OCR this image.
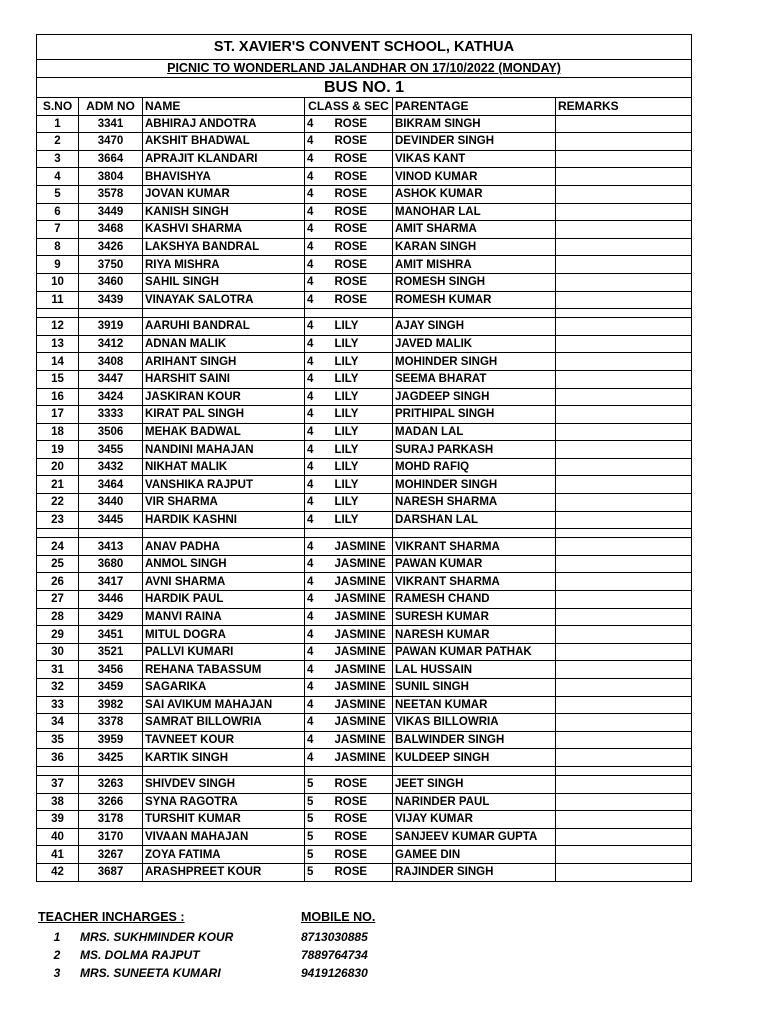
ST. XAVIER'S CONVENT SCHOOL, KATHUA						
PICNIC TO WONDERLAND JALANDHAR ON 17/10/2022 (MONDAY)						
BUS NO. 1						
S.NO	ADM NO	NAME	CLASS & SEC		PARENTAGE	REMARKS
1	3341	ABHIRAJ ANDOTRA	4	ROSE	BIKRAM SINGH	
2	3470	AKSHIT BHADWAL	4	ROSE	DEVINDER SINGH	
3	3664	APRAJIT KLANDARI	4	ROSE	VIKAS KANT	
4	3804	BHAVISHYA	4	ROSE	VINOD KUMAR	
5	3578	JOVAN KUMAR	4	ROSE	ASHOK KUMAR	
6	3449	KANISH SINGH	4	ROSE	MANOHAR LAL	
7	3468	KASHVI SHARMA	4	ROSE	AMIT SHARMA	
8	3426	LAKSHYA BANDRAL	4	ROSE	KARAN SINGH	
9	3750	RIYA MISHRA	4	ROSE	AMIT MISHRA	
10	3460	SAHIL SINGH	4	ROSE	ROMESH SINGH	
11	3439	VINAYAK SALOTRA	4	ROSE	ROMESH KUMAR	

12	3919	AARUHI BANDRAL	4	LILY	AJAY SINGH	
13	3412	ADNAN MALIK	4	LILY	JAVED MALIK	
14	3408	ARIHANT SINGH	4	LILY	MOHINDER SINGH	
15	3447	HARSHIT SAINI	4	LILY	SEEMA BHARAT	
16	3424	JASKIRAN KOUR	4	LILY	JAGDEEP SINGH	
17	3333	KIRAT PAL SINGH	4	LILY	PRITHIPAL SINGH	
18	3506	MEHAK BADWAL	4	LILY	MADAN LAL	
19	3455	NANDINI MAHAJAN	4	LILY	SURAJ PARKASH	
20	3432	NIKHAT MALIK	4	LILY	MOHD RAFIQ	
21	3464	VANSHIKA RAJPUT	4	LILY	MOHINDER SINGH	
22	3440	VIR SHARMA	4	LILY	NARESH SHARMA	
23	3445	HARDIK KASHNI	4	LILY	DARSHAN LAL	

24	3413	ANAV PADHA	4	JASMINE	VIKRANT SHARMA	
25	3680	ANMOL SINGH	4	JASMINE	PAWAN KUMAR	
26	3417	AVNI SHARMA	4	JASMINE	VIKRANT SHARMA	
27	3446	HARDIK PAUL	4	JASMINE	RAMESH CHAND	
28	3429	MANVI RAINA	4	JASMINE	SURESH KUMAR	
29	3451	MITUL DOGRA	4	JASMINE	NARESH KUMAR	
30	3521	PALLVI KUMARI	4	JASMINE	PAWAN KUMAR PATHAK	
31	3456	REHANA TABASSUM	4	JASMINE	LAL HUSSAIN	
32	3459	SAGARIKA	4	JASMINE	SUNIL SINGH	
33	3982	SAI AVIKUM MAHAJAN	4	JASMINE	NEETAN KUMAR	
34	3378	SAMRAT BILLOWRIA	4	JASMINE	VIKAS BILLOWRIA	
35	3959	TAVNEET KOUR	4	JASMINE	BALWINDER SINGH	
36	3425	KARTIK SINGH	4	JASMINE	KULDEEP SINGH	

37	3263	SHIVDEV SINGH	5	ROSE	JEET SINGH	
38	3266	SYNA RAGOTRA	5	ROSE	NARINDER PAUL	
39	3178	TURSHIT KUMAR	5	ROSE	VIJAY KUMAR	
40	3170	VIVAAN MAHAJAN	5	ROSE	SANJEEV KUMAR GUPTA	
41	3267	ZOYA FATIMA	5	ROSE	GAMEE DIN	
42	3687	ARASHPREET KOUR	5	ROSE	RAJINDER SINGH	
TEACHER INCHARGES :	MOBILE NO.
1 MRS. SUKHMINDER KOUR	8713030885
2 MS. DOLMA RAJPUT	7889764734
3 MRS. SUNEETA KUMARI	9419126830
